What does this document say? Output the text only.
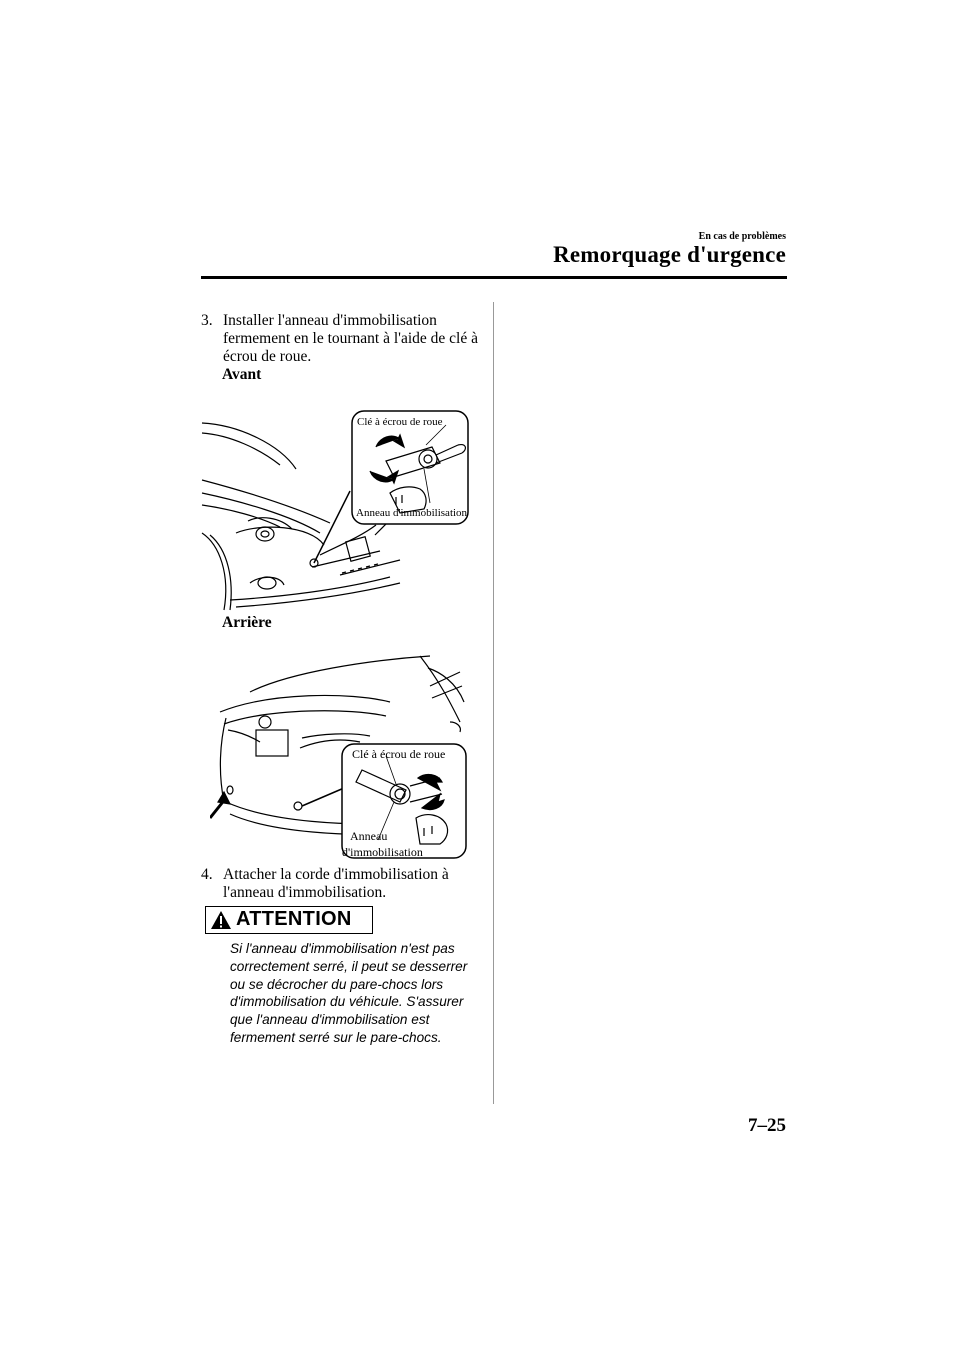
En cas de problèmes
Remorquage d'urgence
3. Installer l'anneau d'immobilisation fermement en le tournant à l'aide de clé à écrou de roue.
Avant
Clé à écrou de roue
Anneau d'immobilisation
Arrière
Clé à écrou de roue
Anneau
d'immobilisation
4. Attacher la corde d'immobilisation à l'anneau d'immobilisation.
ATTENTION
Si l'anneau d'immobilisation n'est pas correctement serré, il peut se desserrer ou se décrocher du pare-chocs lors d'immobilisation du véhicule. S'assurer que l'anneau d'immobilisation est fermement serré sur le pare-chocs.
7–25
